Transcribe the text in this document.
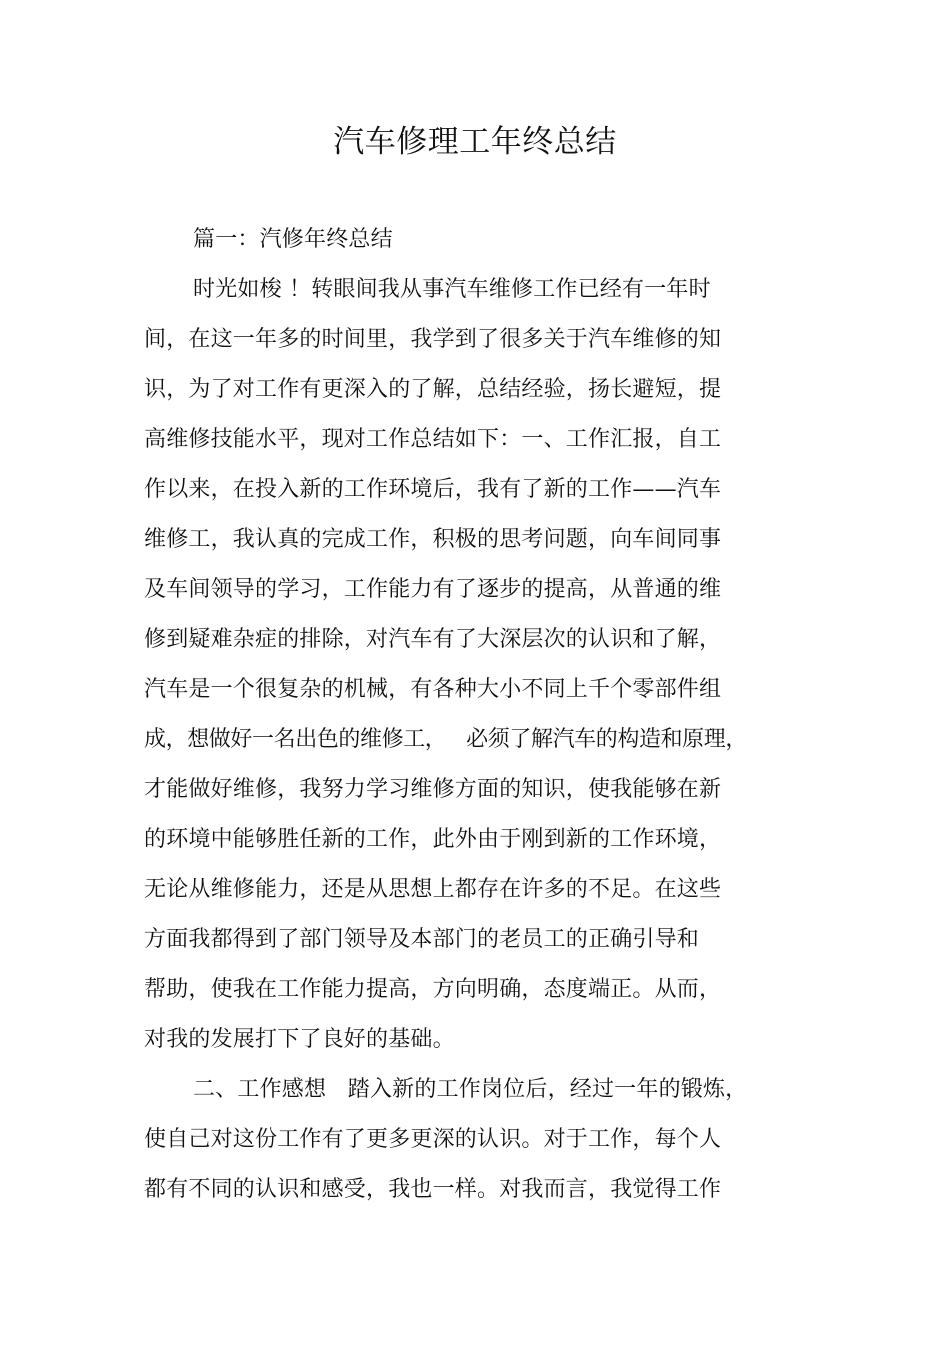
汽车修理工年终总结
篇一：汽修年终总结
时光如梭 ！转眼间我从事汽车维修工作已经有一年时
间，在这一年多的时间里，我学到了很多关于汽车维修的知
识，为了对工作有更深入的了解，总结经验，扬长避短，提
高维修技能水平，现对工作总结如下：一、工作汇报，自工
作以来，在投入新的工作环境后，我有了新的工作——汽车
维修工，我认真的完成工作，积极的思考问题，向车间同事
及车间领导的学习，工作能力有了逐步的提高，从普通的维
修到疑难杂症的排除，对汽车有了大深层次的认识和了解，
汽车是一个很复杂的机械，有各种大小不同上千个零部件组
成，想做好一名出色的维修工，   必须了解汽车的构造和原理，
才能做好维修，我努力学习维修方面的知识，使我能够在新
的环境中能够胜任新的工作，此外由于刚到新的工作环境，
无论从维修能力，还是从思想上都存在许多的不足。在这些
方面我都得到了部门领导及本部门的老员工的正确引导和
帮助，使我在工作能力提高，方向明确，态度端正。从而，
对我的发展打下了良好的基础。
二、工作感想   踏入新的工作岗位后，经过一年的锻炼，
使自己对这份工作有了更多更深的认识。对于工作，每个人
都有不同的认识和感受，我也一样。对我而言，我觉得工作
